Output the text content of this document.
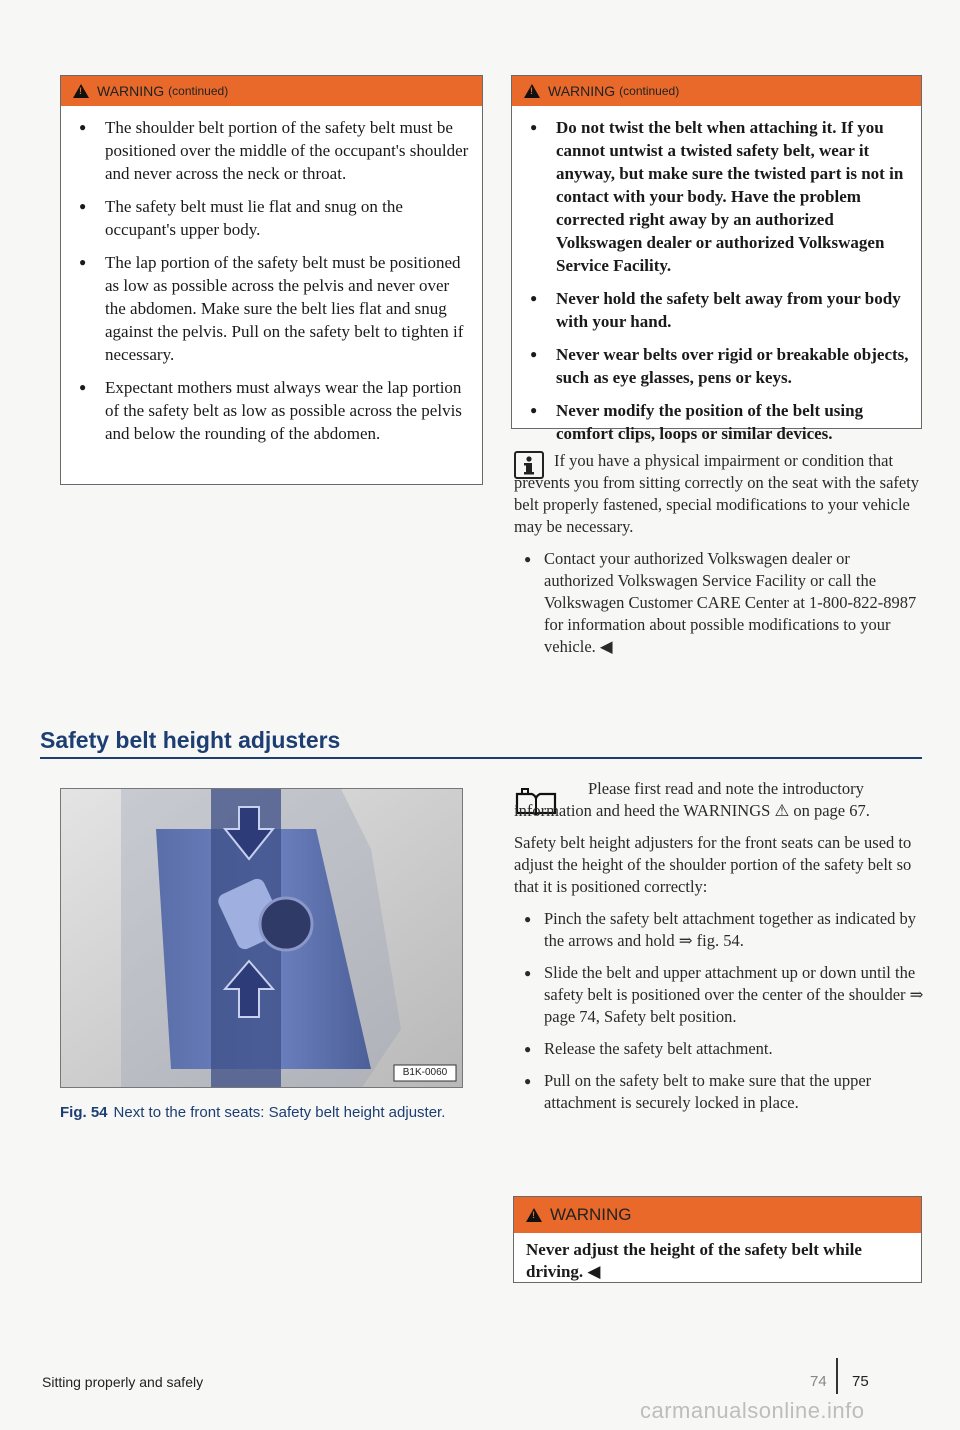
!
WARNING (continued)
● The shoulder belt portion of the safety belt must be positioned over the middle of the occupant's shoulder and never across the neck or throat.
● The safety belt must lie flat and snug on the occupant's upper body.
● The lap portion of the safety belt must be positioned as low as possible across the pelvis and never over the abdomen. Make sure the belt lies flat and snug against the pelvis. Pull on the safety belt to tighten if necessary.
● Expectant mothers must always wear the lap portion of the safety belt as low as possible across the pelvis and below the rounding of the abdomen.
!
WARNING (continued)
● Do not twist the belt when attaching it. If you cannot untwist a twisted safety belt, wear it anyway, but make sure the twisted part is not in contact with your body. Have the problem corrected right away by an authorized Volkswagen dealer or authorized Volkswagen Service Facility.
● Never hold the safety belt away from your body with your hand.
● Never wear belts over rigid or breakable objects, such as eye glasses, pens or keys.
● Never modify the position of the belt using comfort clips, loops or similar devices.

If you have a physical impairment or condition that prevents you from sitting correctly on the seat with the safety belt properly fastened, special modifications to your vehicle may be necessary.

● Contact your authorized Volkswagen dealer or authorized Volkswagen Service Facility or call the Volkswagen Customer CARE Center at 1-800-822-8987 for information about possible modifications to your vehicle. ◀

Safety belt height adjusters
B1K-0060
Fig. 54 Next to the front seats: Safety belt height adjuster.

Please first read and note the introductory information and heed the WARNINGS ⚠ on page 67.

Safety belt height adjusters for the front seats can be used to adjust the height of the shoulder portion of the safety belt so that it is positioned correctly:

● Pinch the safety belt attachment together as indicated by the arrows and hold ⇒ fig. 54.

● Slide the belt and upper attachment up or down until the safety belt is positioned over the center of the shoulder ⇒ page 74, Safety belt position.

● Release the safety belt attachment.

● Pull on the safety belt to make sure that the upper attachment is securely locked in place.

!
WARNING
Never adjust the height of the safety belt while driving. ◀
Sitting properly and safely	74 75
carmanualsonline.info
